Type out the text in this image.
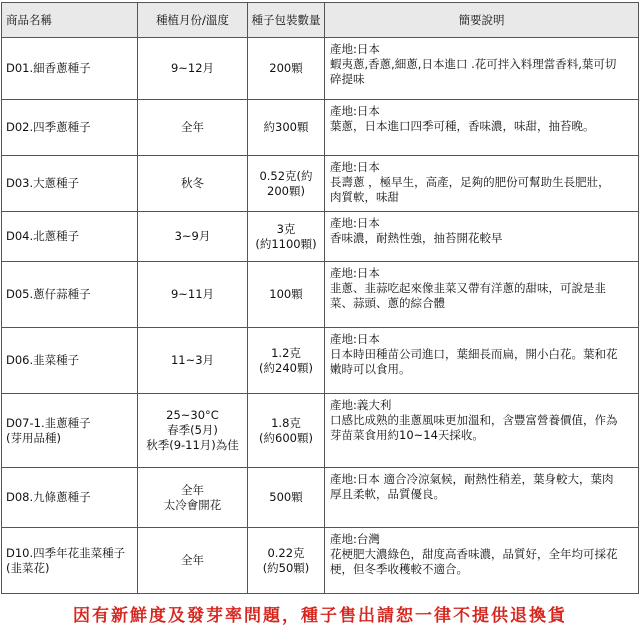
商品名稱	種植月份/溫度	種子包裝數量	簡要說明

D01.細香蔥種子	9~12月	200顆	產地:日本
蝦夷蔥,香蔥,細蔥,日本進口 .花可拌入料理當香料,葉可切
碎提味

D02.四季蔥種子	全年	約300顆	產地:日本
葉蔥，日本進口四季可種，香味濃，味甜，抽苔晚。

D03.大蔥種子	秋冬	0.52克(約
200顆)	產地:日本
長壽蔥 ，極早生，高產，足夠的肥份可幫助生長肥壯，
肉質軟，味甜

D04.北蔥種子	3~9月	3克
(約1100顆)	產地:日本
香味濃，耐熱性強，抽苔開花較早

D05.蔥仔蒜種子	9~11月	100顆	產地:日本
韭蔥、韭蒜吃起來像韭菜又帶有洋蔥的甜味，可說是韭
菜、蒜頭、蔥的綜合體

D06.韭菜種子	11~3月	1.2克
(約240顆)	產地:日本
日本時田種苗公司進口，葉細長而扁，開小白花。葉和花
嫩時可以食用。

D07-1.韭蔥種子
(芽用品種)	25~30°C
春季(5月)
秋季(9-11月)為佳	1.8克
(約600顆)	產地:義大利
口感比成熟的韭蔥風味更加溫和，含豐富營養價值，作為
芽苗菜食用約10~14天採收。

D08.九條蔥種子	全年
太冷會開花	500顆	產地:日本 適合冷涼氣候，耐熱性稍差，葉身較大，葉肉
厚且柔軟，品質優良。

D10.四季年花韭菜種子
(韭菜花)	全年	0.22克
(約50顆)	產地:台灣
花梗肥大濃綠色，甜度高香味濃，品質好，全年均可採花
梗，但冬季收穫較不適合。
因有新鮮度及發芽率問題，種子售出請恕一律不提供退換貨
